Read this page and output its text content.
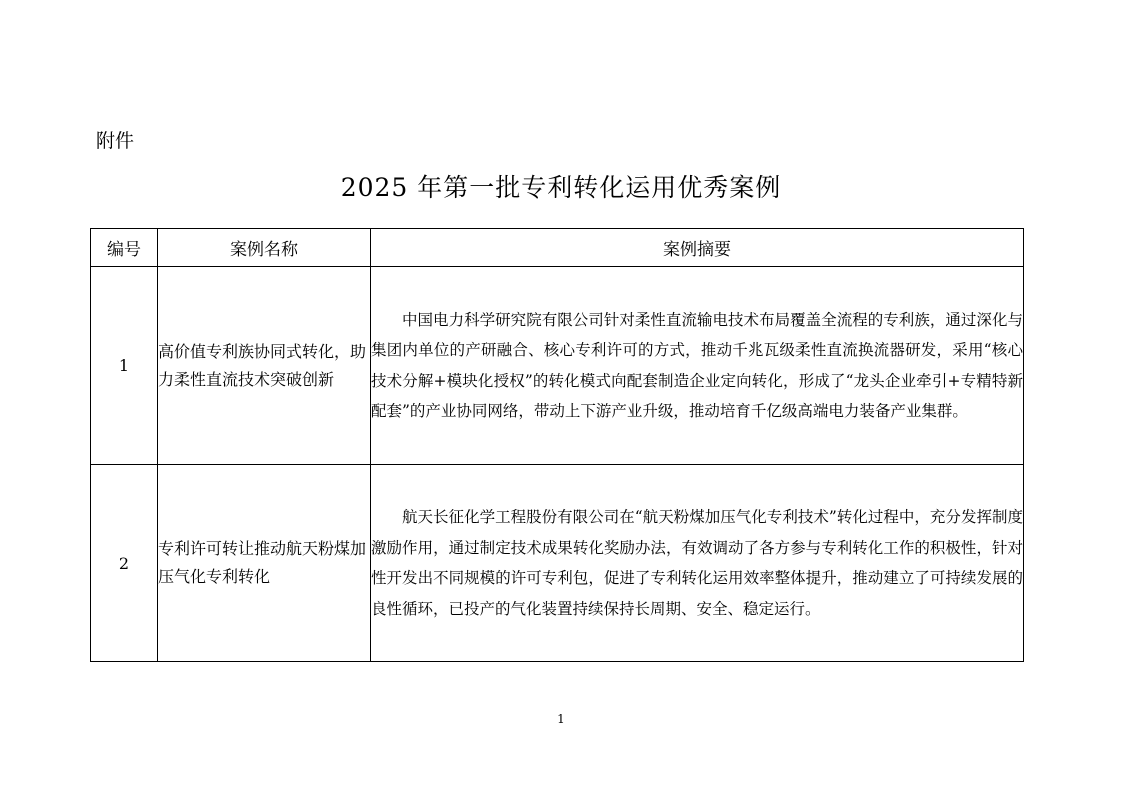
附件
2025 年第一批专利转化运用优秀案例
编号	案例名称	案例摘要
1	高价值专利族协同式转化，助力柔性直流技术突破创新	中国电力科学研究院有限公司针对柔性直流输电技术布局覆盖全流程的专利族，通过深化与集团内单位的产研融合、核心专利许可的方式，推动千兆瓦级柔性直流换流器研发，采用“核心技术分解+模块化授权”的转化模式向配套制造企业定向转化，形成了“龙头企业牵引+专精特新配套”的产业协同网络，带动上下游产业升级，推动培育千亿级高端电力装备产业集群。
2	专利许可转让推动航天粉煤加压气化专利转化	航天长征化学工程股份有限公司在“航天粉煤加压气化专利技术”转化过程中，充分发挥制度激励作用，通过制定技术成果转化奖励办法，有效调动了各方参与专利转化工作的积极性，针对性开发出不同规模的许可专利包，促进了专利转化运用效率整体提升，推动建立了可持续发展的良性循环，已投产的气化装置持续保持长周期、安全、稳定运行。
1
